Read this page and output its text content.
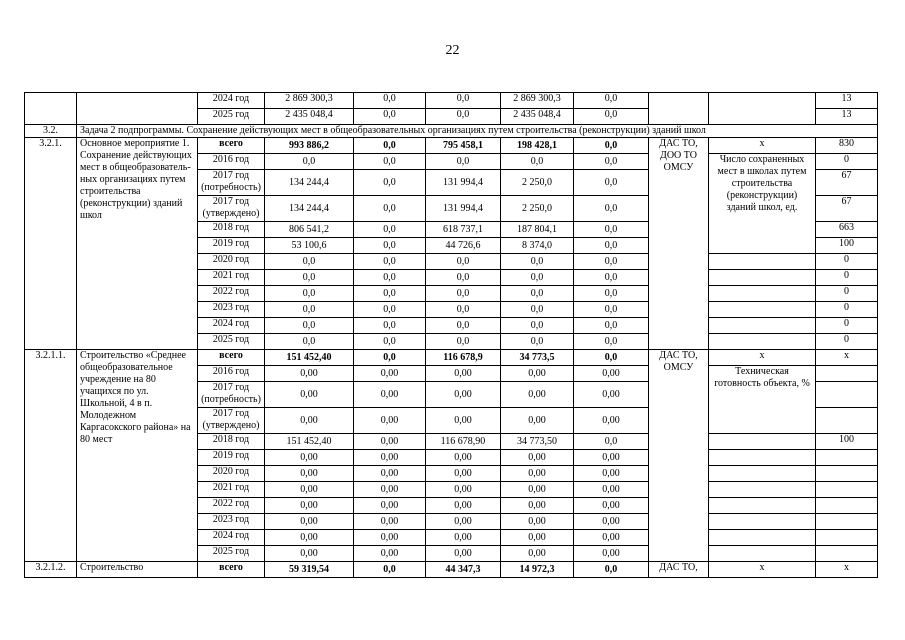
22
		2024 год	2 869 300,3	0,0	0,0	2 869 300,3	0,0			13
		2025 год	2 435 048,4	0,0	0,0	2 435 048,4	0,0			13
3.2.	Задача 2 подпрограммы. Сохранение действующих мест в общеобразовательных организациях путем строительства (реконструкции) зданий школ									
3.2.1.	Основное мероприятие 1. Сохранение действующих мест в общеобразователь-ных организациях путем строительства (реконструкции) зданий школ	всего	993 886,2	0,0	795 458,1	198 428,1	0,0	ДАС ТО, ДОО ТО ОМСУ	x	830
		2016 год	0,0	0,0	0,0	0,0	0,0		Число сохраненных мест в школах путем строительства (реконструкции) зданий школ, ед.	0
		2017 год (потребность)	134 244,4	0,0	131 994,4	2 250,0	0,0			67
		2017 год (утверждено)	134 244,4	0,0	131 994,4	2 250,0	0,0			67
		2018 год	806 541,2	0,0	618 737,1	187 804,1	0,0			663
		2019 год	53 100,6	0,0	44 726,6	8 374,0	0,0			100
		2020 год	0,0	0,0	0,0	0,0	0,0			0
		2021 год	0,0	0,0	0,0	0,0	0,0			0
		2022 год	0,0	0,0	0,0	0,0	0,0			0
		2023 год	0,0	0,0	0,0	0,0	0,0			0
		2024 год	0,0	0,0	0,0	0,0	0,0			0
		2025 год	0,0	0,0	0,0	0,0	0,0			0
3.2.1.1.	Строительство «Среднее общеобразовательное учреждение на 80 учащихся по ул. Школьной, 4 в п. Молодежном Каргасокского района» на 80 мест	всего	151 452,40	0,0	116 678,9	34 773,5	0,0	ДАС ТО, ОМСУ	x	x
		2016 год	0,00	0,00	0,00	0,00	0,00		Техническая готовность объекта, %	
		2017 год (потребность)	0,00	0,00	0,00	0,00	0,00			
		2017 год (утверждено)	0,00	0,00	0,00	0,00	0,00			
		2018 год	151 452,40	0,00	116 678,90	34 773,50	0,0			100
		2019 год	0,00	0,00	0,00	0,00	0,00			
		2020 год	0,00	0,00	0,00	0,00	0,00			
		2021 год	0,00	0,00	0,00	0,00	0,00			
		2022 год	0,00	0,00	0,00	0,00	0,00			
		2023 год	0,00	0,00	0,00	0,00	0,00			
		2024 год	0,00	0,00	0,00	0,00	0,00			
		2025 год	0,00	0,00	0,00	0,00	0,00			
3.2.1.2.	Строительство	всего	59 319,54	0,0	44 347,3	14 972,3	0,0	ДАС ТО,	x	x
